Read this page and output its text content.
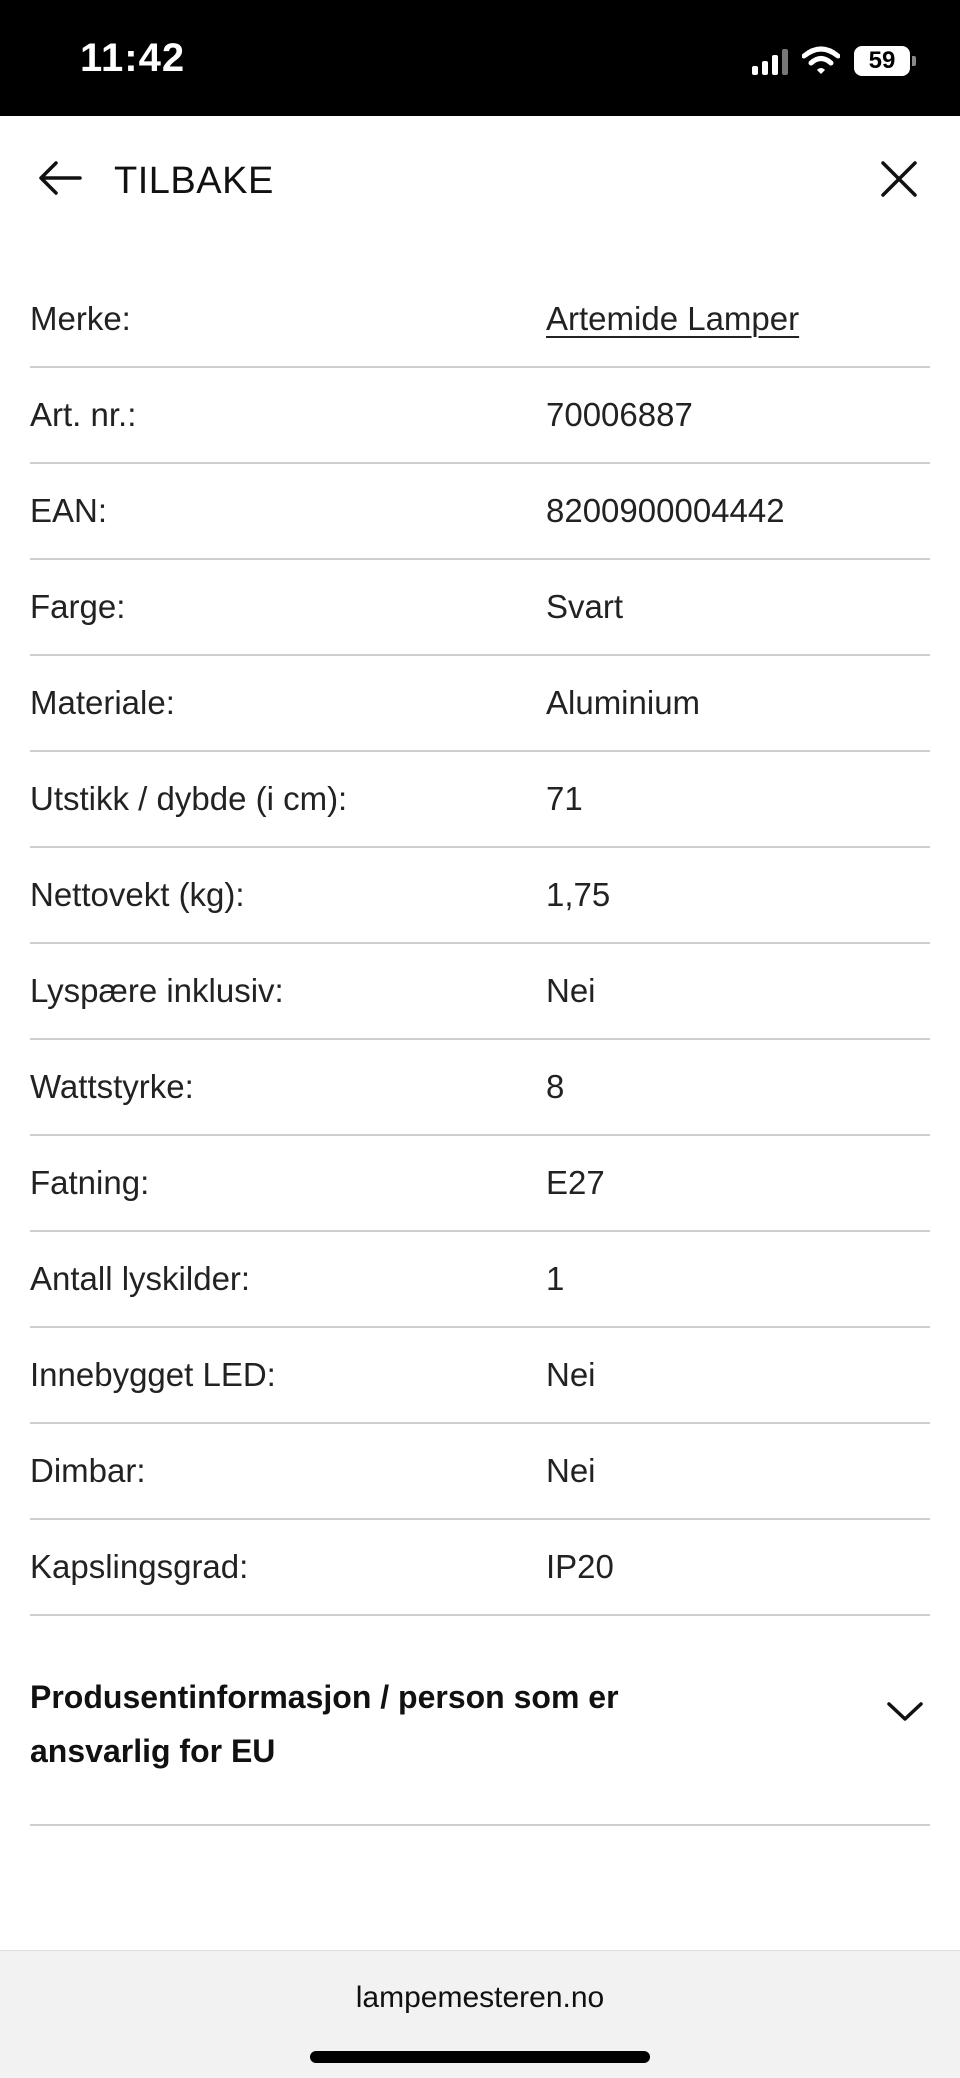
11:42	59
TILBAKE
Merke:	Artemide Lamper
Art. nr.:	70006887
EAN:	8200900004442
Farge:	Svart
Materiale:	Aluminium
Utstikk / dybde (i cm):	71
Nettovekt (kg):	1,75
Lyspære inklusiv:	Nei
Wattstyrke:	8
Fatning:	E27
Antall lyskilder:	1
Innebygget LED:	Nei
Dimbar:	Nei
Kapslingsgrad:	IP20
Produsentinformasjon / person som er ansvarlig for EU
lampemesteren.no
